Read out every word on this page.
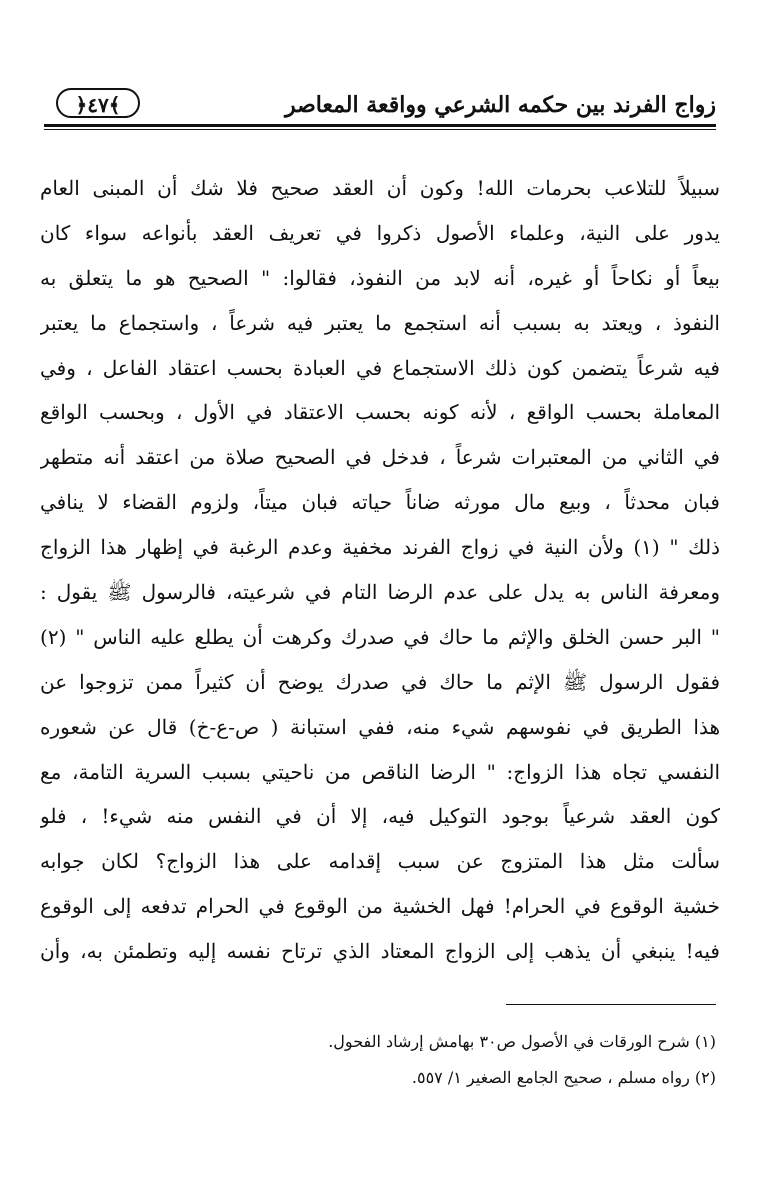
زواج الفرند بين حكمه الشرعي وواقعة المعاصر
﴿٤٧﴾
سبيلاً للتلاعب بحرمات الله! وكون أن العقد صحيح فلا شك أن المبنى العام
يدور على النية، وعلماء الأصول ذكروا في تعريف العقد بأنواعه سواء كان
بيعاً أو نكاحاً أو غيره، أنه لابد من النفوذ، فقالوا: " الصحيح هو ما يتعلق به
النفوذ ، ويعتد به بسبب أنه استجمع ما يعتبر فيه شرعاً ، واستجماع ما يعتبر
فيه شرعاً يتضمن كون ذلك الاستجماع في العبادة بحسب اعتقاد الفاعل ، وفي
المعاملة بحسب الواقع ، لأنه كونه بحسب الاعتقاد في الأول ، وبحسب الواقع
في الثاني من المعتبرات شرعاً ، فدخل في الصحيح صلاة من اعتقد أنه متطهر
فبان محدثاً ، وبيع مال مورثه ضاناً حياته فبان ميتاً، ولزوم القضاء لا ينافي
ذلك " (١) ولأن النية في زواج الفرند مخفية وعدم الرغبة في إظهار هذا الزواج
ومعرفة الناس به يدل على عدم الرضا التام في شرعيته، فالرسول ﷺ يقول :
" البر حسن الخلق والإثم ما حاك في صدرك وكرهت أن يطلع عليه الناس " (٢)
فقول الرسول ﷺ الإثم ما حاك في صدرك يوضح أن كثيراً ممن تزوجوا عن
هذا الطريق في نفوسهم شيء منه، ففي استبانة ( ص-ع-خ) قال عن شعوره
النفسي تجاه هذا الزواج: " الرضا الناقص من ناحيتي بسبب السرية التامة، مع
كون العقد شرعياً بوجود التوكيل فيه، إلا أن في النفس منه شيء! ، فلو
سألت مثل هذا المتزوج عن سبب إقدامه على هذا الزواج؟ لكان جوابه
خشية الوقوع في الحرام! فهل الخشية من الوقوع في الحرام تدفعه إلى الوقوع
فيه! ينبغي أن يذهب إلى الزواج المعتاد الذي ترتاح نفسه إليه وتطمئن به، وأن
(١) شرح الورقات في الأصول ص٣٠ بهامش إرشاد الفحول.
(٢) رواه مسلم ، صحيح الجامع الصغير ١/ ٥٥٧.
